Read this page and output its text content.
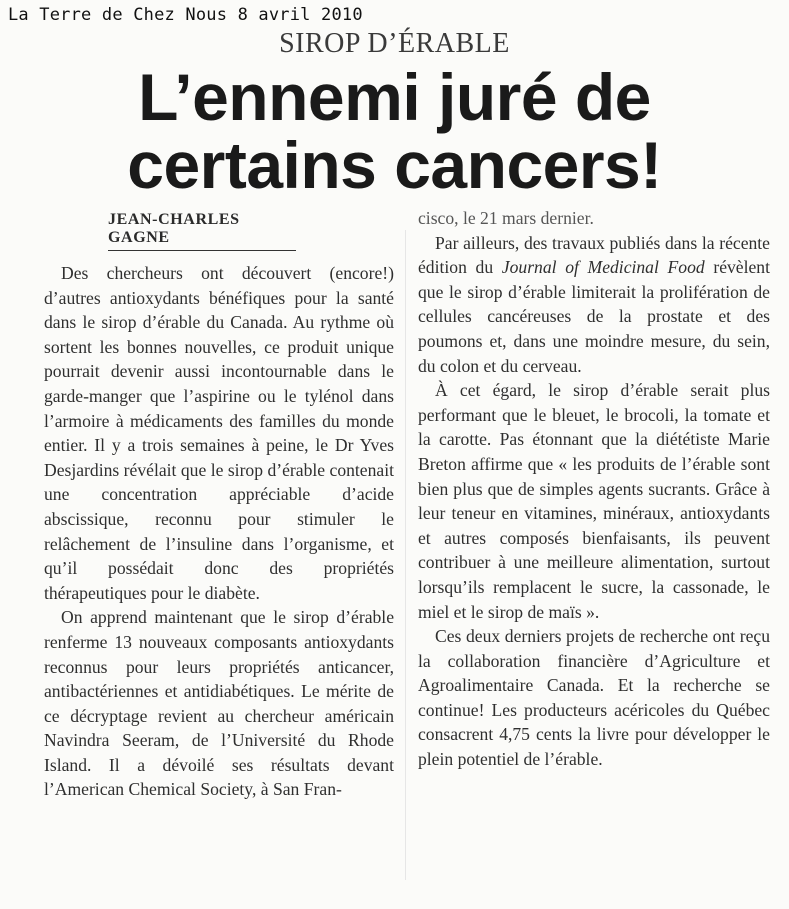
La Terre de Chez Nous 8 avril 2010
SIROP D’ÉRABLE
L’ennemi juré de
certains cancers!
JEAN-CHARLES GAGNE

Des chercheurs ont découvert (encore!) d’autres antioxydants bénéfiques pour la santé dans le sirop d’érable du Canada. Au rythme où sortent les bonnes nouvelles, ce produit unique pourrait devenir aussi incontournable dans le garde-manger que l’aspirine ou le tylénol dans l’armoire à médicaments des familles du monde entier. Il y a trois semaines à peine, le Dr Yves Desjardins révélait que le sirop d’érable contenait une concentration appréciable d’acide abscissique, reconnu pour stimuler le relâchement de l’insuline dans l’organisme, et qu’il possédait donc des propriétés thérapeutiques pour le diabète.

On apprend maintenant que le sirop d’érable renferme 13 nouveaux composants antioxydants reconnus pour leurs propriétés anticancer, antibactériennes et antidiabétiques. Le mérite de ce décryptage revient au chercheur américain Navindra Seeram, de l’Université du Rhode Island. Il a dévoilé ses résultats devant l’American Chemical Society, à San Fran-

cisco, le 21 mars dernier.

Par ailleurs, des travaux publiés dans la récente édition du Journal of Medicinal Food révèlent que le sirop d’érable limiterait la prolifération de cellules cancéreuses de la prostate et des poumons et, dans une moindre mesure, du sein, du colon et du cerveau.

À cet égard, le sirop d’érable serait plus performant que le bleuet, le brocoli, la tomate et la carotte. Pas étonnant que la diététiste Marie Breton affirme que « les produits de l’érable sont bien plus que de simples agents sucrants. Grâce à leur teneur en vitamines, minéraux, antioxydants et autres composés bienfaisants, ils peuvent contribuer à une meilleure alimentation, surtout lorsqu’ils remplacent le sucre, la cassonade, le miel et le sirop de maïs ».

Ces deux derniers projets de recherche ont reçu la collaboration financière d’Agriculture et Agroalimentaire Canada. Et la recherche se continue! Les producteurs acéricoles du Québec consacrent 4,75 cents la livre pour développer le plein potentiel de l’érable.
